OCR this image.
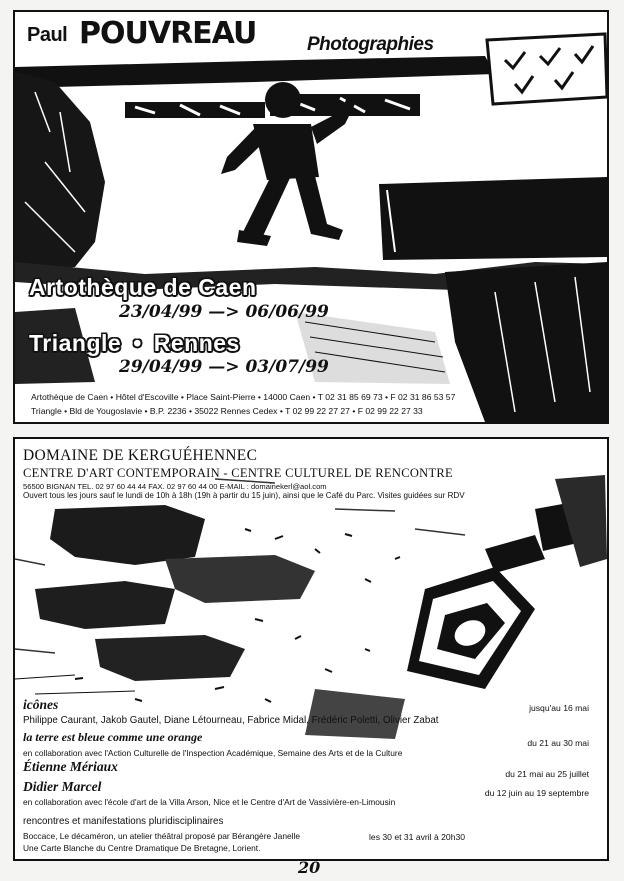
Paul POUVREAU	Photographies
Artothèque de Caen
23/04/99 —> 06/06/99
Triangle • Rennes
29/04/99 —> 03/07/99
Artothèque de Caen • Hôtel d'Escoville • Place Saint-Pierre • 14000 Caen • T 02 31 85 69 73 • F 02 31 86 53 57
Triangle • Bld de Yougoslavie • B.P. 2236 • 35022 Rennes Cedex • T 02 99 22 27 27 • F 02 99 22 27 33
DOMAINE DE KERGUÉHENNEC
CENTRE D'ART CONTEMPORAIN - CENTRE CULTUREL DE RENCONTRE
56500 BIGNAN TEL. 02 97 60 44 44 FAX. 02 97 60 44 00 E-MAIL : domainekerl@aol.com
Ouvert tous les jours sauf le lundi de 10h à 18h (19h à partir du 15 juin), ainsi que le Café du Parc. Visites guidées sur RDV
icônes	jusqu'au 16 mai
Philippe Caurant, Jakob Gautel, Diane Létourneau, Fabrice Midal, Frédéric Poletti, Olivier Zabat
la terre est bleue comme une orange	du 21 au 30 mai
en collaboration avec l'Action Culturelle de l'Inspection Académique, Semaine des Arts et de la Culture
Étienne Mériaux	du 21 mai au 25 juillet
Didier Marcel	du 12 juin au 19 septembre
en collaboration avec l'école d'art de la Villa Arson, Nice et le Centre d'Art de Vassivière-en-Limousin
rencontres et manifestations pluridisciplinaires
Boccace, Le décaméron, un atelier théâtral proposé par Bérangère Janelle	les 30 et 31 avril à 20h30
Une Carte Blanche du Centre Dramatique De Bretagne, Lorient.
20
